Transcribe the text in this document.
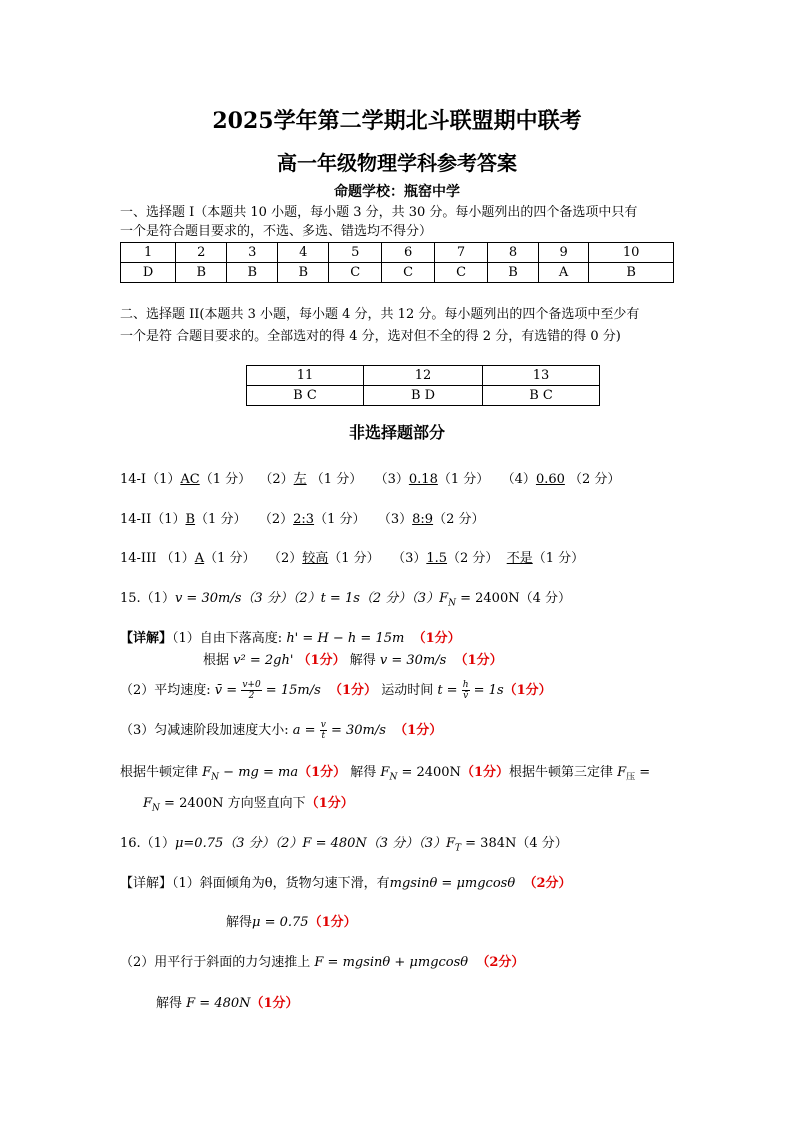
2025学年第二学期北斗联盟期中联考
高一年级物理学科参考答案
命题学校：瓶窑中学
一、选择题 I（本题共 10 小题，每小题 3 分，共 30 分。每小题列出的四个备选项中只有
一个是符合题目要求的，不选、多选、错选均不得分）
1	2	3	4	5	6	7	8	9	10
D	B	B	B	C	C	C	B	A	B
二、选择题 II(本题共 3 小题，每小题 4 分，共 12 分。每小题列出的四个备选项中至少有
一个是符 合题目要求的。全部选对的得 4 分，选对但不全的得 2 分，有选错的得 0 分)
11	12	13
B C	B D	B C
非选择题部分
14-I（1）AC（1 分） （2）左 （1 分） （3）0.18（1 分） （4）0.60 （2 分）
14-II（1）B（1 分） （2）2:3（1 分） （3）8:9（2 分）
14-III （1）A（1 分） （2）较高（1 分） （3）1.5（2 分） 不是（1 分）
15.（1）v = 30m/s（3 分）（2）t = 1s（2 分）$(3)F_N = 2400N(4$ 分）
【详解】（1）自由下落高度: h' = H − h = 15m （1分）
根据 v² = 2gh' （1分） 解得 v = 30m/s （1分）
（2）平均速度: v̄ = $\frac{v+0}{2} = 15m/s$ （1分） 运动时间 $t = \frac{h}{v̄} = 1s(1$分）
（3）匀减速阶段加速度大小: $a = \frac{v}{t} = 30m/s$ （1分）
根据牛顿定律 $F_N$ − mg = ma（1分） 解得 $F_N = 2400N(1$分）根据牛顿第三定律 $F_压$ =
$F_N = 2400N$ 方向竖直向下（1分）
16.（1）μ=0.75（3 分）（2）F = 480N（3 分）$(3)F_T = 384N(4$ 分）
【详解】（1）斜面倾角为θ，货物匀速下滑，有mgsinθ = μmgcosθ （2分）
解得μ = 0.75（1分）
（2）用平行于斜面的力匀速推上 F = mgsinθ + μmgcosθ （2分）
解得 F = 480N（1分）
